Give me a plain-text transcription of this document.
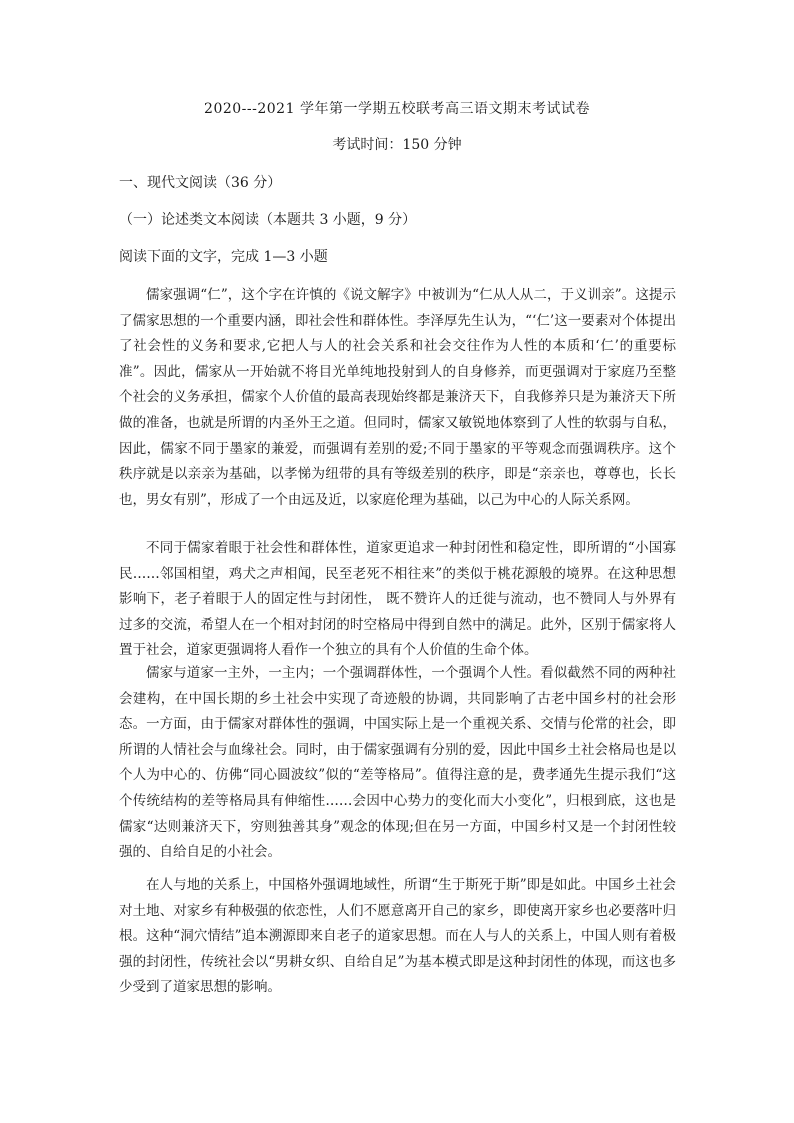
2020---2021 学年第一学期五校联考高三语文期末考试试卷
考试时间：150 分钟
一、现代文阅读（36 分）
（一）论述类文本阅读（本题共 3 小题，9 分）
阅读下面的文字，完成 1—3 小题

儒家强调“仁”，这个字在许慎的《说文解字》中被训为“仁从人从二，于义训亲”。这提示了儒家思想的一个重要内涵，即社会性和群体性。李泽厚先生认为，“‘仁’这一要素对个体提出了社会性的义务和要求,它把人与人的社会关系和社会交往作为人性的本质和‘仁’的重要标准”。因此，儒家从一开始就不将目光单纯地投射到人的自身修养，而更强调对于家庭乃至整个社会的义务承担，儒家个人价值的最高表现始终都是兼济天下，自我修养只是为兼济天下所做的准备，也就是所谓的内圣外王之道。但同时，儒家又敏锐地体察到了人性的软弱与自私，因此，儒家不同于墨家的兼爱，而强调有差别的爱;不同于墨家的平等观念而强调秩序。这个秩序就是以亲亲为基础，以孝悌为纽带的具有等级差别的秩序，即是“亲亲也，尊尊也，长长也，男女有别”，形成了一个由远及近，以家庭伦理为基础，以己为中心的人际关系网。

不同于儒家着眼于社会性和群体性，道家更追求一种封闭性和稳定性，即所谓的“小国寡民……邻国相望，鸡犬之声相闻，民至老死不相往来”的类似于桃花源般的境界。在这种思想影响下，老子着眼于人的固定性与封闭性， 既不赞许人的迁徙与流动，也不赞同人与外界有过多的交流，希望人在一个相对封闭的时空格局中得到自然中的满足。此外，区别于儒家将人置于社会，道家更强调将人看作一个独立的具有个人价值的生命个体。

儒家与道家一主外，一主内；一个强调群体性，一个强调个人性。看似截然不同的两种社会建构，在中国长期的乡土社会中实现了奇迹般的协调，共同影响了古老中国乡村的社会形态。一方面，由于儒家对群体性的强调，中国实际上是一个重视关系、交情与伦常的社会，即所谓的人情社会与血缘社会。同时，由于儒家强调有分别的爱，因此中国乡土社会格局也是以个人为中心的、仿佛“同心圆波纹”似的“差等格局”。值得注意的是，费孝通先生提示我们“这个传统结构的差等格局具有伸缩性……会因中心势力的变化而大小变化”，归根到底，这也是儒家“达则兼济天下，穷则独善其身”观念的体现;但在另一方面，中国乡村又是一个封闭性较强的、自给自足的小社会。

在人与地的关系上，中国格外强调地域性，所谓“生于斯死于斯”即是如此。中国乡土社会对土地、对家乡有种极强的依恋性，人们不愿意离开自己的家乡，即使离开家乡也必要落叶归根。这种“洞穴情结”追本溯源即来自老子的道家思想。而在人与人的关系上，中国人则有着极强的封闭性，传统社会以“男耕女织、自给自足”为基本模式即是这种封闭性的体现，而这也多少受到了道家思想的影响。
